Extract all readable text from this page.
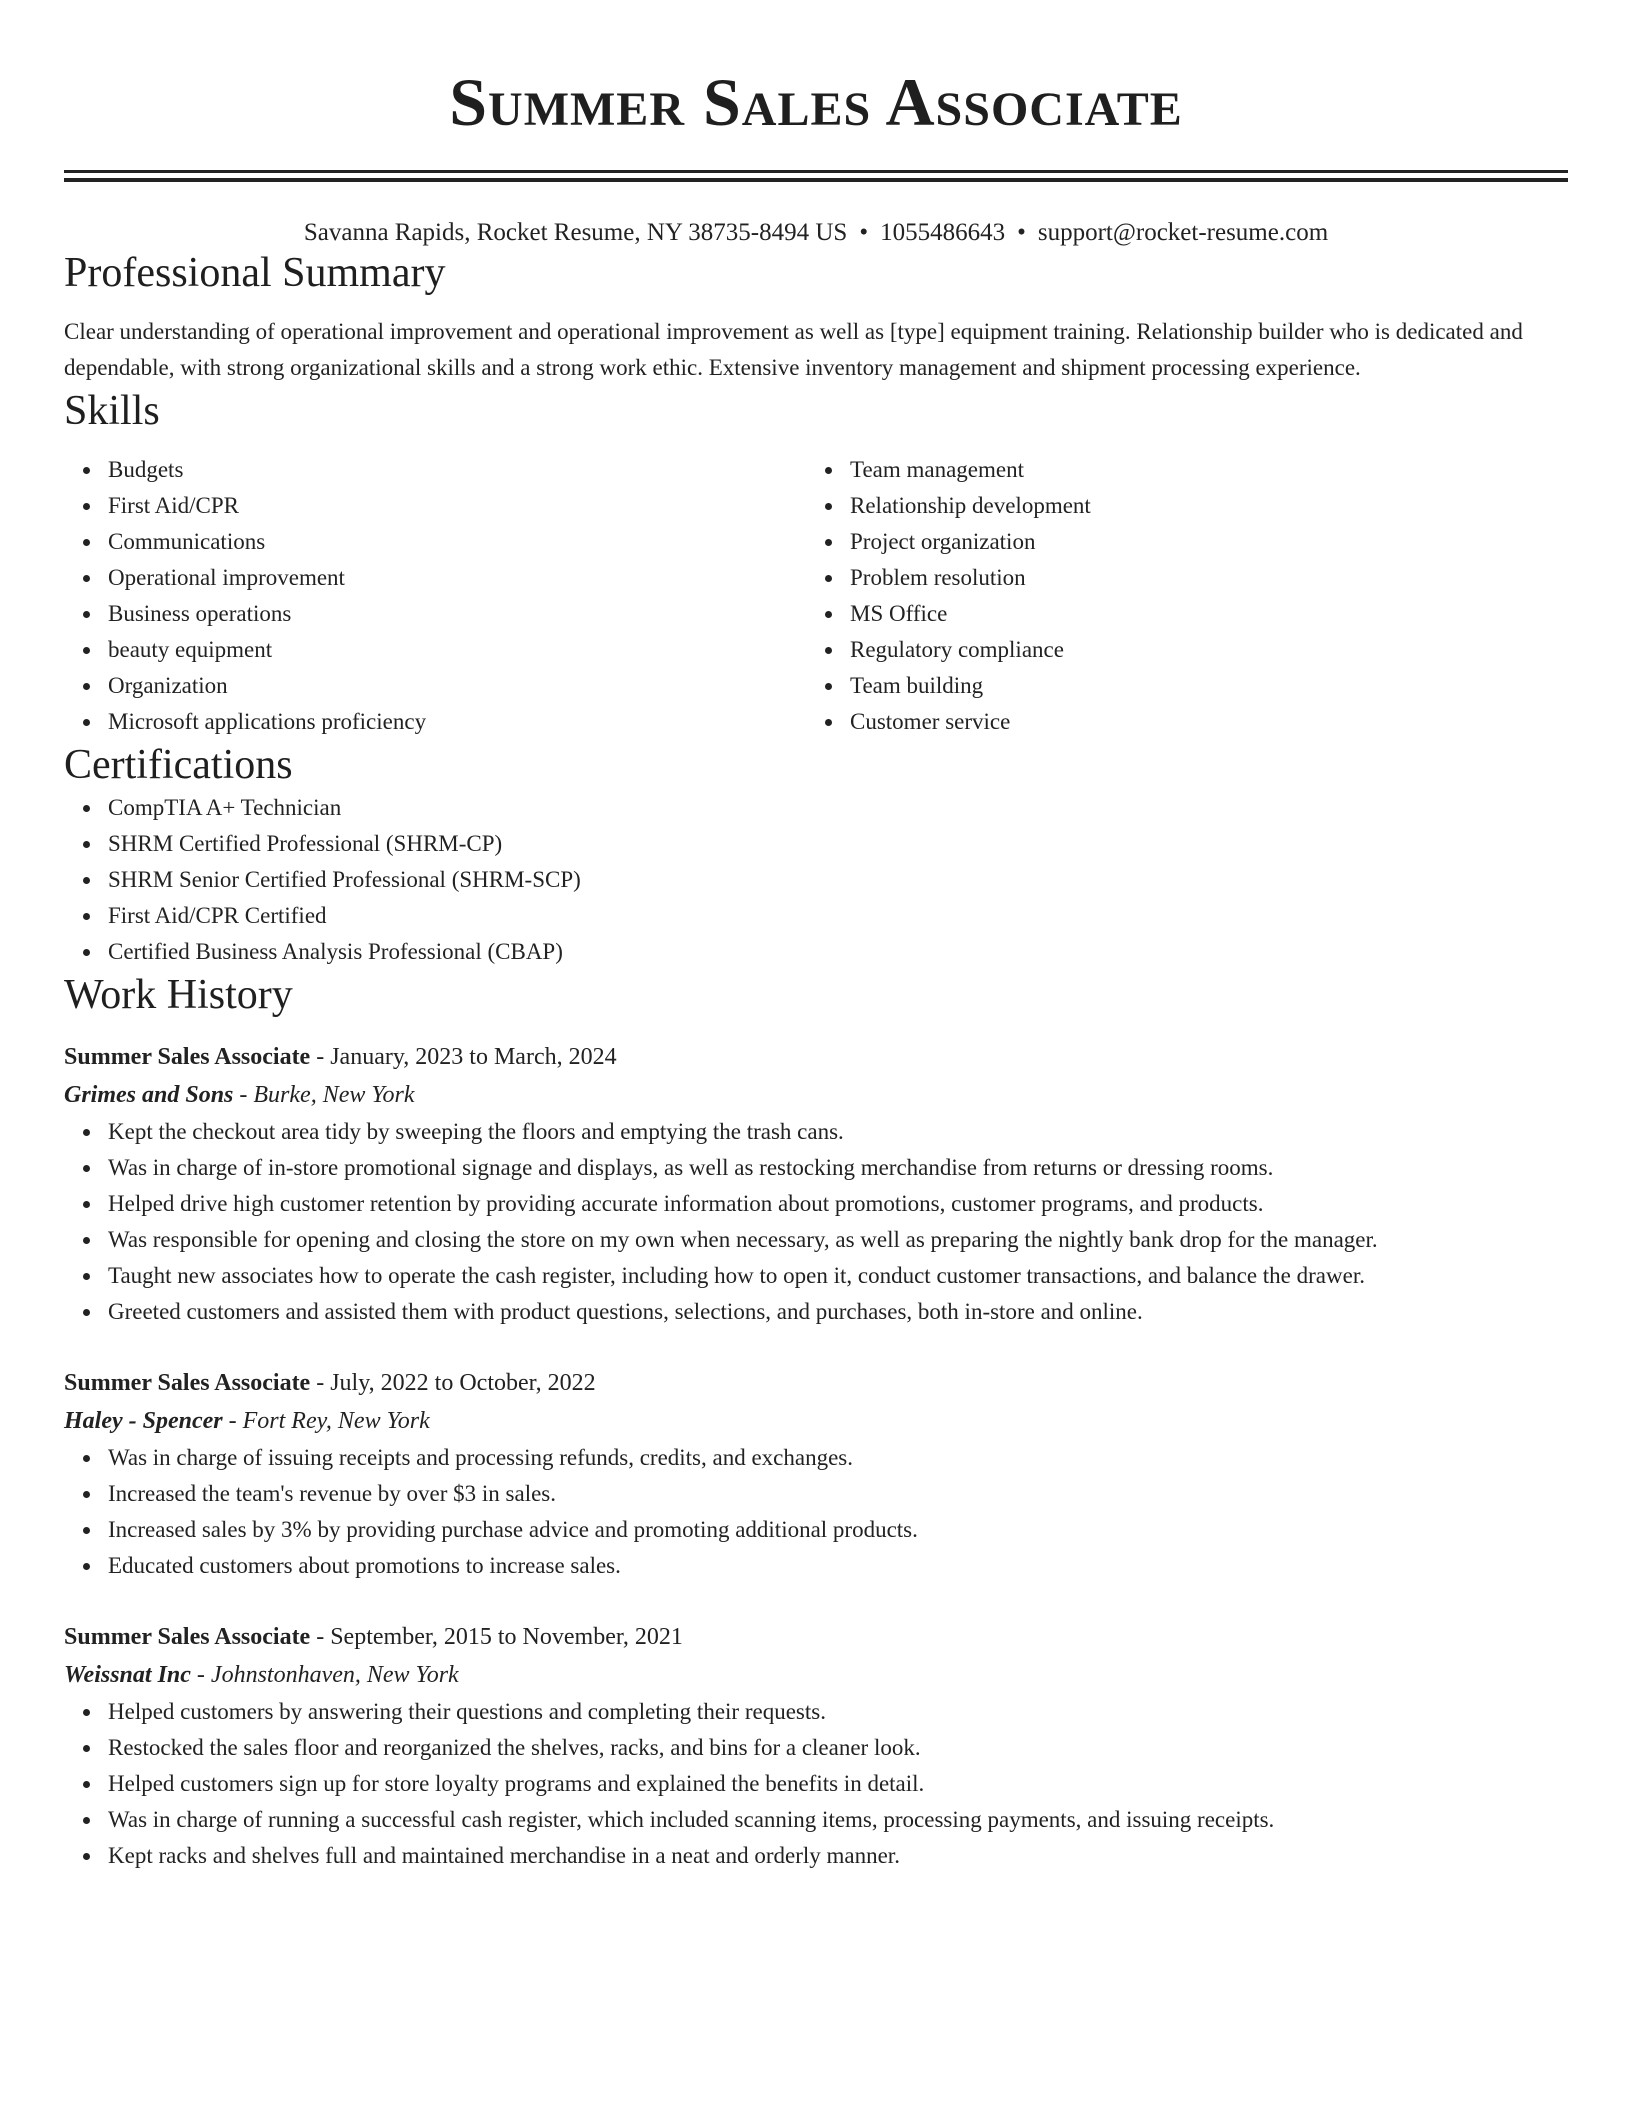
Summer Sales Associate
Savanna Rapids, Rocket Resume, NY 38735-8494 US • 1055486643 • support@rocket-resume.com
Professional Summary
Clear understanding of operational improvement and operational improvement as well as [type] equipment training. Relationship builder who is dedicated and dependable, with strong organizational skills and a strong work ethic. Extensive inventory management and shipment processing experience.
Skills
Budgets
First Aid/CPR
Communications
Operational improvement
Business operations
beauty equipment
Organization
Microsoft applications proficiency
Team management
Relationship development
Project organization
Problem resolution
MS Office
Regulatory compliance
Team building
Customer service
Certifications
CompTIA A+ Technician
SHRM Certified Professional (SHRM-CP)
SHRM Senior Certified Professional (SHRM-SCP)
First Aid/CPR Certified
Certified Business Analysis Professional (CBAP)
Work History
Summer Sales Associate - January, 2023 to March, 2024
Grimes and Sons - Burke, New York
Kept the checkout area tidy by sweeping the floors and emptying the trash cans.
Was in charge of in-store promotional signage and displays, as well as restocking merchandise from returns or dressing rooms.
Helped drive high customer retention by providing accurate information about promotions, customer programs, and products.
Was responsible for opening and closing the store on my own when necessary, as well as preparing the nightly bank drop for the manager.
Taught new associates how to operate the cash register, including how to open it, conduct customer transactions, and balance the drawer.
Greeted customers and assisted them with product questions, selections, and purchases, both in-store and online.
Summer Sales Associate - July, 2022 to October, 2022
Haley - Spencer - Fort Rey, New York
Was in charge of issuing receipts and processing refunds, credits, and exchanges.
Increased the team's revenue by over $3 in sales.
Increased sales by 3% by providing purchase advice and promoting additional products.
Educated customers about promotions to increase sales.
Summer Sales Associate - September, 2015 to November, 2021
Weissnat Inc - Johnstonhaven, New York
Helped customers by answering their questions and completing their requests.
Restocked the sales floor and reorganized the shelves, racks, and bins for a cleaner look.
Helped customers sign up for store loyalty programs and explained the benefits in detail.
Was in charge of running a successful cash register, which included scanning items, processing payments, and issuing receipts.
Kept racks and shelves full and maintained merchandise in a neat and orderly manner.
